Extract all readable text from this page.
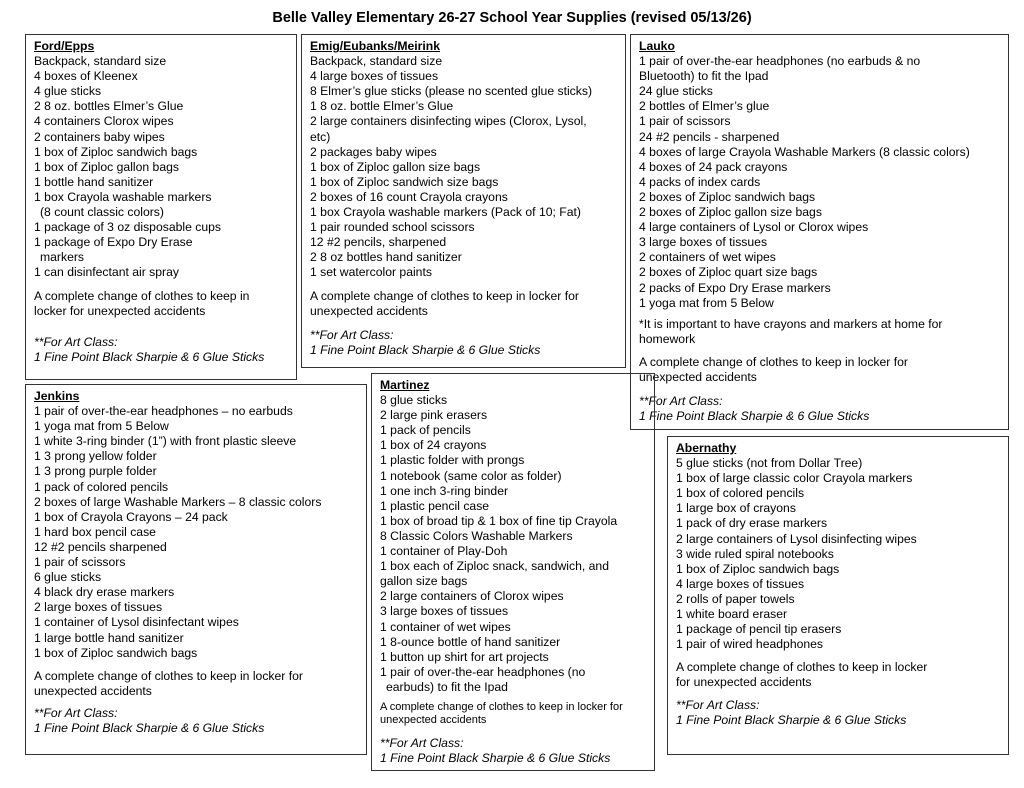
Belle Valley Elementary 26-27 School Year Supplies (revised 05/13/26)
Ford/Epps
Backpack, standard size
4 boxes of Kleenex
4 glue sticks
2 8 oz. bottles Elmer’s Glue
4 containers Clorox wipes
2 containers baby wipes
1 box of Ziploc sandwich bags
1 box of Ziploc gallon bags
1 bottle hand sanitizer
1 box Crayola washable markers
(8 count classic colors)
1 package of 3 oz disposable cups
1 package of Expo Dry Erase
markers
1 can disinfectant air spray
A complete change of clothes to keep in locker for unexpected accidents
**For Art Class:
1 Fine Point Black Sharpie & 6 Glue Sticks
Emig/Eubanks/Meirink
Backpack, standard size
4 large boxes of tissues
8 Elmer’s glue sticks (please no scented glue sticks)
1 8 oz. bottle Elmer’s Glue
2 large containers disinfecting wipes (Clorox, Lysol,
etc)
2 packages baby wipes
1 box of Ziploc gallon size bags
1 box of Ziploc sandwich size bags
2 boxes of 16 count Crayola crayons
1 box Crayola washable markers (Pack of 10; Fat)
1 pair rounded school scissors
12 #2 pencils, sharpened
2 8 oz bottles hand sanitizer
1 set watercolor paints
A complete change of clothes to keep in locker for unexpected accidents
**For Art Class:
1 Fine Point Black Sharpie & 6 Glue Sticks
Lauko
1 pair of over-the-ear headphones (no earbuds & no
Bluetooth) to fit the Ipad
24 glue sticks
2 bottles of Elmer’s glue
1 pair of scissors
24 #2 pencils - sharpened
4 boxes of large Crayola Washable Markers (8 classic colors)
4 boxes of 24 pack crayons
4 packs of index cards
2 boxes of Ziploc sandwich bags
2 boxes of Ziploc gallon size bags
4 large containers of Lysol or Clorox wipes
3 large boxes of tissues
2 containers of wet wipes
2 boxes of Ziploc quart size bags
2 packs of Expo Dry Erase markers
1 yoga mat from 5 Below
*It is important to have crayons and markers at home for homework
A complete change of clothes to keep in locker for unexpected accidents
**For Art Class:
1 Fine Point Black Sharpie & 6 Glue Sticks
Jenkins
1 pair of over-the-ear headphones – no earbuds
1 yoga mat from 5 Below
1 white 3-ring binder (1”) with front plastic sleeve
1 3 prong yellow folder
1 3 prong purple folder
1 pack of colored pencils
2 boxes of large Washable Markers – 8 classic colors
1 box of Crayola Crayons – 24 pack
1 hard box pencil case
12 #2 pencils sharpened
1 pair of scissors
6 glue sticks
4 black dry erase markers
2 large boxes of tissues
1 container of Lysol disinfectant wipes
1 large bottle hand sanitizer
1 box of Ziploc sandwich bags
A complete change of clothes to keep in locker for unexpected accidents
**For Art Class:
1 Fine Point Black Sharpie & 6 Glue Sticks
Martinez
8 glue sticks
2 large pink erasers
1 pack of pencils
1 box of 24 crayons
1 plastic folder with prongs
1 notebook (same color as folder)
1 one inch 3-ring binder
1 plastic pencil case
1 box of broad tip & 1 box of fine tip Crayola
8 Classic Colors Washable Markers
1 container of Play-Doh
1 box each of Ziploc snack, sandwich, and
gallon size bags
2 large containers of Clorox wipes
3 large boxes of tissues
1 container of wet wipes
1 8-ounce bottle of hand sanitizer
1 button up shirt for art projects
1 pair of over-the-ear headphones (no
earbuds) to fit the Ipad
A complete change of clothes to keep in locker for unexpected accidents
**For Art Class:
1 Fine Point Black Sharpie & 6 Glue Sticks
Abernathy
5 glue sticks (not from Dollar Tree)
1 box of large classic color Crayola markers
1 box of colored pencils
1 large box of crayons
1 pack of dry erase markers
2 large containers of Lysol disinfecting wipes
3 wide ruled spiral notebooks
1 box of Ziploc sandwich bags
4 large boxes of tissues
2 rolls of paper towels
1 white board eraser
1 package of pencil tip erasers
1 pair of wired headphones
A complete change of clothes to keep in locker for unexpected accidents
**For Art Class:
1 Fine Point Black Sharpie & 6 Glue Sticks
